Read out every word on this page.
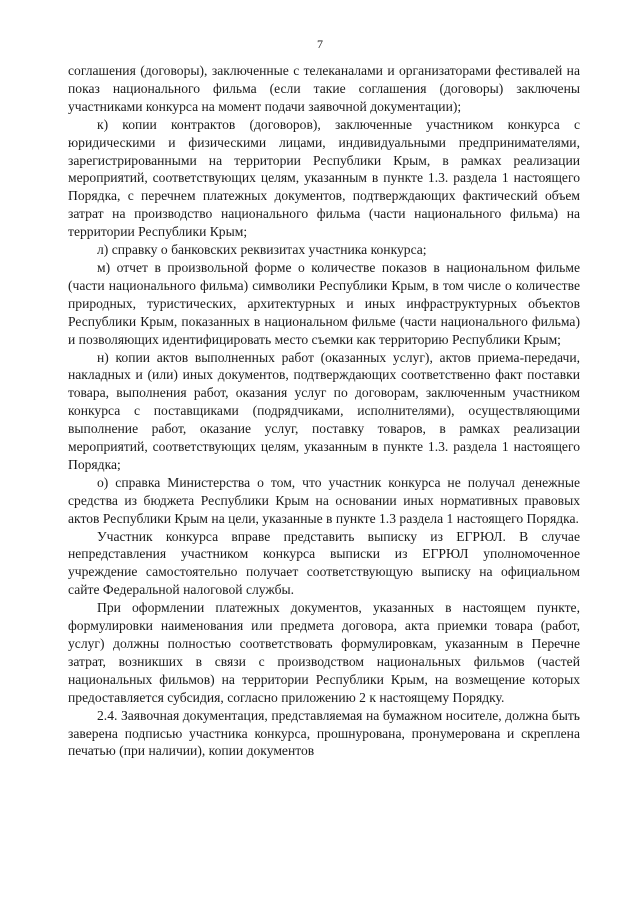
7

соглашения (договоры), заключенные с телеканалами и организаторами фестивалей на показ национального фильма (если такие соглашения (договоры) заключены участниками конкурса на момент подачи заявочной документации);

к) копии контрактов (договоров), заключенные участником конкурса с юридическими и физическими лицами, индивидуальными предпринимателями, зарегистрированными на территории Республики Крым, в рамках реализации мероприятий, соответствующих целям, указанным в пункте 1.3. раздела 1 настоящего Порядка, с перечнем платежных документов, подтверждающих фактический объем затрат на производство национального фильма (части национального фильма) на территории Республики Крым;

л) справку о банковских реквизитах участника конкурса;

м) отчет в произвольной форме о количестве показов в национальном фильме (части национального фильма) символики Республики Крым, в том числе о количестве природных, туристических, архитектурных и иных инфраструктурных объектов Республики Крым, показанных в национальном фильме (части национального фильма) и позволяющих идентифицировать место съемки как территорию Республики Крым;

н) копии актов выполненных работ (оказанных услуг), актов приема-передачи, накладных и (или) иных документов, подтверждающих соответственно факт поставки товара, выполнения работ, оказания услуг по договорам, заключенным участником конкурса с поставщиками (подрядчиками, исполнителями), осуществляющими выполнение работ, оказание услуг, поставку товаров, в рамках реализации мероприятий, соответствующих целям, указанным в пункте 1.3. раздела 1 настоящего Порядка;

о) справка Министерства о том, что участник конкурса не получал денежные средства из бюджета Республики Крым на основании иных нормативных правовых актов Республики Крым на цели, указанные в пункте 1.3 раздела 1 настоящего Порядка.

Участник конкурса вправе представить выписку из ЕГРЮЛ. В случае непредставления участником конкурса выписки из ЕГРЮЛ уполномоченное учреждение самостоятельно получает соответствующую выписку на официальном сайте Федеральной налоговой службы.

При оформлении платежных документов, указанных в настоящем пункте, формулировки наименования или предмета договора, акта приемки товара (работ, услуг) должны полностью соответствовать формулировкам, указанным в Перечне затрат, возникших в связи с производством национальных фильмов (частей национальных фильмов) на территории Республики Крым, на возмещение которых предоставляется субсидия, согласно приложению 2 к настоящему Порядку.

2.4. Заявочная документация, представляемая на бумажном носителе, должна быть заверена подписью участника конкурса, прошнурована, пронумерована и скреплена печатью (при наличии), копии документов
